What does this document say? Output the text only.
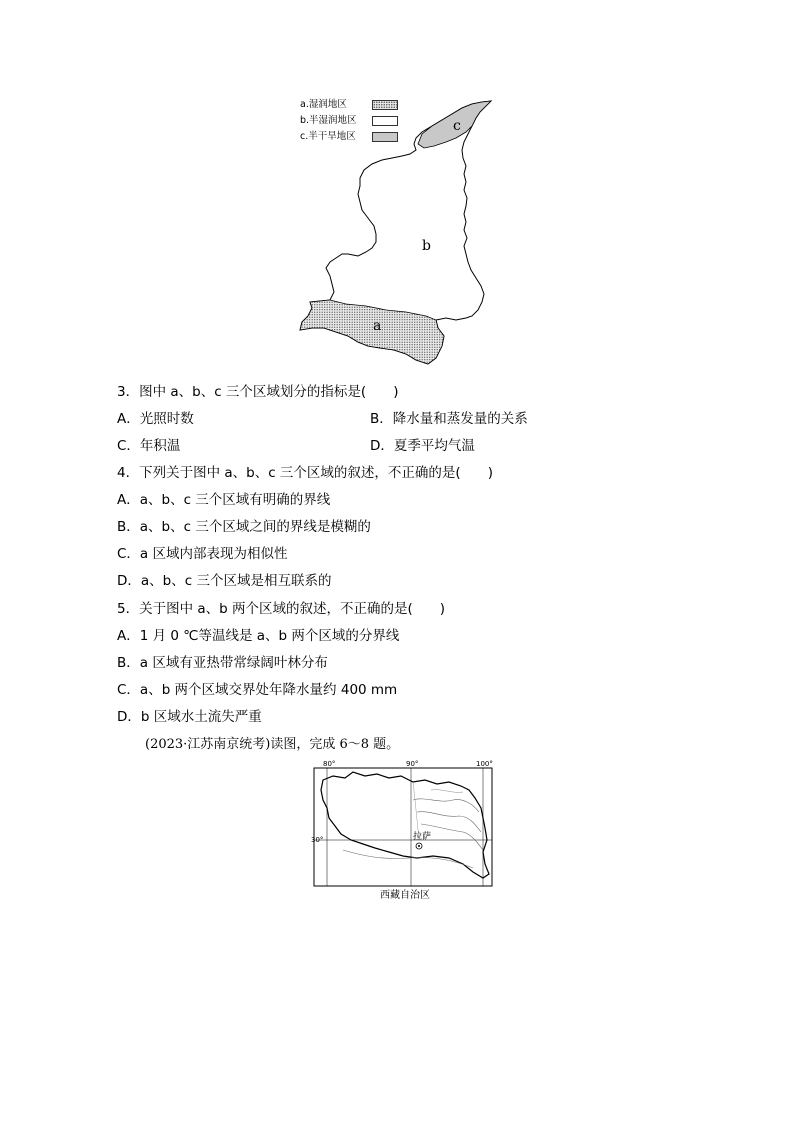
c
b
a
a.湿润地区
b.半湿润地区
c.半干旱地区
3．图中 a、b、c 三个区域划分的指标是(　　)
A．光照时数	B．降水量和蒸发量的关系
C．年积温	D．夏季平均气温
4．下列关于图中 a、b、c 三个区域的叙述，不正确的是(　　)
A．a、b、c 三个区域有明确的界线
B．a、b、c 三个区域之间的界线是模糊的
C．a 区域内部表现为相似性
D．a、b、c 三个区域是相互联系的
5．关于图中 a、b 两个区域的叙述，不正确的是(　　)
A．1 月 0 ℃等温线是 a、b 两个区域的分界线
B．a 区域有亚热带常绿阔叶林分布
C．a、b 两个区域交界处年降水量约 400 mm
D．b 区域水土流失严重
(2023·江苏南京统考)读图，完成 6～8 题。
80°	90°	100°
30°	拉萨
西藏自治区
